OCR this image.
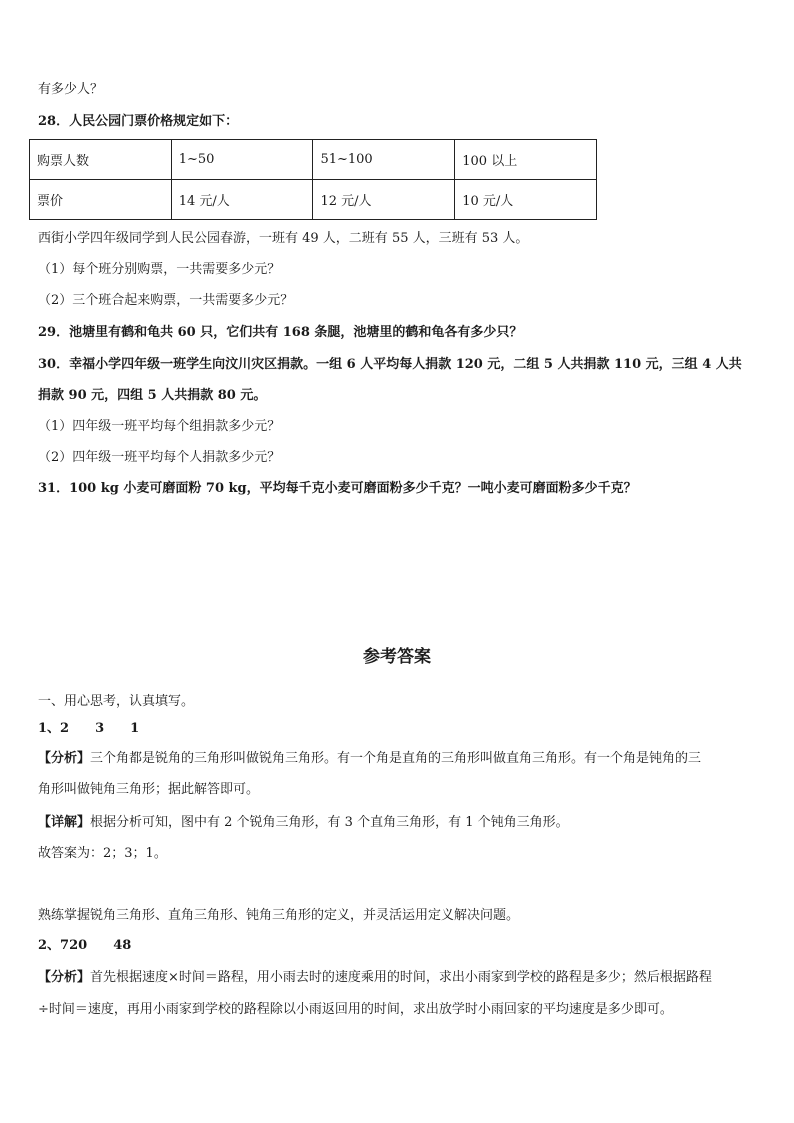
有多少人？
28．人民公园门票价格规定如下：
购票人数	1~50	51~100	100 以上
票价	14 元/人	12 元/人	10 元/人
西街小学四年级同学到人民公园春游，一班有 49 人，二班有 55 人，三班有 53 人。
（1）每个班分别购票，一共需要多少元？
（2）三个班合起来购票，一共需要多少元？
29．池塘里有鹤和龟共 60 只，它们共有 168 条腿，池塘里的鹤和龟各有多少只？
30．幸福小学四年级一班学生向汶川灾区捐款。一组 6 人平均每人捐款 120 元，二组 5 人共捐款 110 元，三组 4 人共
捐款 90 元，四组 5 人共捐款 80 元。
（1）四年级一班平均每个组捐款多少元？
（2）四年级一班平均每个人捐款多少元？
31．100 kg 小麦可磨面粉 70 kg，平均每千克小麦可磨面粉多少千克？一吨小麦可磨面粉多少千克？
参考答案
一、用心思考，认真填写。
1、2 3 1
【分析】三个角都是锐角的三角形叫做锐角三角形。有一个角是直角的三角形叫做直角三角形。有一个角是钝角的三
角形叫做钝角三角形；据此解答即可。
【详解】根据分析可知，图中有 2 个锐角三角形，有 3 个直角三角形，有 1 个钝角三角形。
故答案为：2；3；1。
熟练掌握锐角三角形、直角三角形、钝角三角形的定义，并灵活运用定义解决问题。
2、720 48
【分析】首先根据速度×时间＝路程，用小雨去时的速度乘用的时间，求出小雨家到学校的路程是多少；然后根据路程
÷时间＝速度，再用小雨家到学校的路程除以小雨返回用的时间，求出放学时小雨回家的平均速度是多少即可。
